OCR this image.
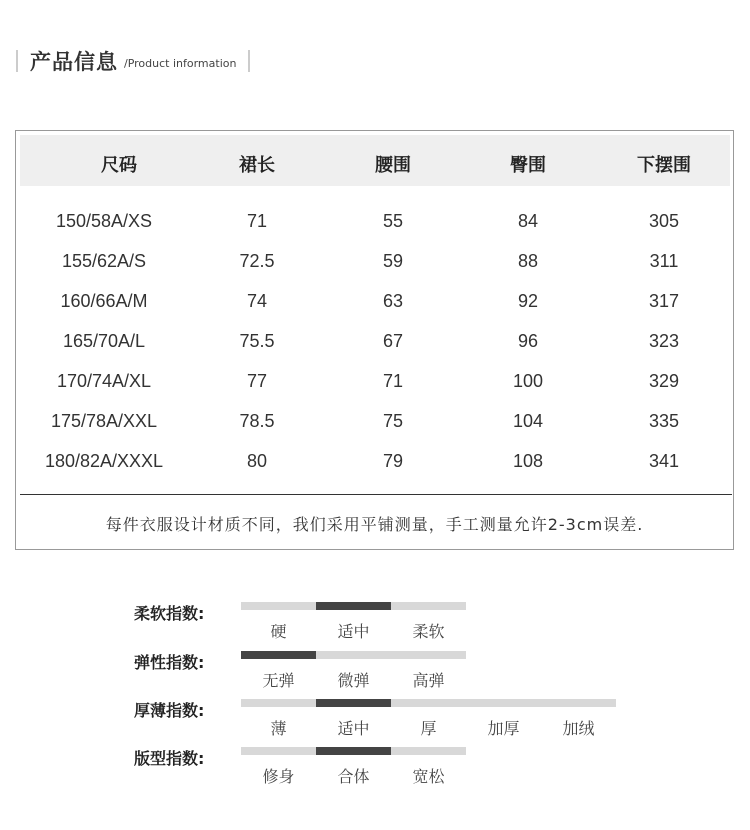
产品信息 /Product information
尺码	裙长	腰围	臀围	下摆围
150/58A/XS	71	55	84	305
155/62A/S	72.5	59	88	311
160/66A/M	74	63	92	317
165/70A/L	75.5	67	96	323
170/74A/XL	77	71	100	329
175/78A/XXL	78.5	75	104	335
180/82A/XXXL	80	79	108	341
每件衣服设计材质不同，我们采用平铺测量，手工测量允许2-3cm误差.
柔软指数:
硬	适中	柔软
弹性指数:
无弹	微弹	高弹
厚薄指数:
薄	适中	厚	加厚	加绒
版型指数:
修身	合体	宽松
